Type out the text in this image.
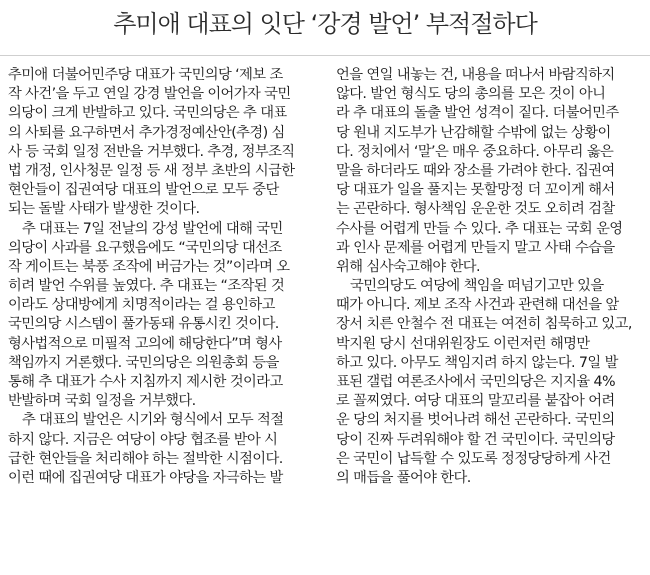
추미애 대표의 잇단 ‘강경 발언’ 부적절하다
추미애 더불어민주당 대표가 국민의당 ‘제보 조
작 사건’을 두고 연일 강경 발언을 이어가자 국민
의당이 크게 반발하고 있다. 국민의당은 추 대표
의 사퇴를 요구하면서 추가경정예산안(추경) 심
사 등 국회 일정 전반을 거부했다. 추경, 정부조직
법 개정, 인사청문 일정 등 새 정부 초반의 시급한
현안들이 집권여당 대표의 발언으로 모두 중단
되는 돌발 사태가 발생한 것이다.
추 대표는 7일 전날의 강성 발언에 대해 국민
의당이 사과를 요구했음에도 “국민의당 대선조
작 게이트는 북풍 조작에 버금가는 것”이라며 오
히려 발언 수위를 높였다. 추 대표는 “조작된 것
이라도 상대방에게 치명적이라는 걸 용인하고
국민의당 시스템이 풀가동돼 유통시킨 것이다.
형사법적으로 미필적 고의에 해당한다”며 형사
책임까지 거론했다. 국민의당은 의원총회 등을
통해 추 대표가 수사 지침까지 제시한 것이라고
반발하며 국회 일정을 거부했다.
추 대표의 발언은 시기와 형식에서 모두 적절
하지 않다. 지금은 여당이 야당 협조를 받아 시
급한 현안들을 처리해야 하는 절박한 시점이다.
이런 때에 집권여당 대표가 야당을 자극하는 발
언을 연일 내놓는 건, 내용을 떠나서 바람직하지
않다. 발언 형식도 당의 총의를 모은 것이 아니
라 추 대표의 돌출 발언 성격이 짙다. 더불어민주
당 원내 지도부가 난감해할 수밖에 없는 상황이
다. 정치에서 ‘말’은 매우 중요하다. 아무리 옳은
말을 하더라도 때와 장소를 가려야 한다. 집권여
당 대표가 일을 풀지는 못할망정 더 꼬이게 해서
는 곤란하다. 형사책임 운운한 것도 오히려 검찰
수사를 어렵게 만들 수 있다. 추 대표는 국회 운영
과 인사 문제를 어렵게 만들지 말고 사태 수습을
위해 심사숙고해야 한다.
국민의당도 여당에 책임을 떠넘기고만 있을
때가 아니다. 제보 조작 사건과 관련해 대선을 앞
장서 치른 안철수 전 대표는 여전히 침묵하고 있고,
박지원 당시 선대위원장도 이런저런 해명만
하고 있다. 아무도 책임지려 하지 않는다. 7일 발
표된 갤럽 여론조사에서 국민의당은 지지율 4%
로 꼴찌였다. 여당 대표의 말꼬리를 붙잡아 어려
운 당의 처지를 벗어나려 해선 곤란하다. 국민의
당이 진짜 두려워해야 할 건 국민이다. 국민의당
은 국민이 납득할 수 있도록 정정당당하게 사건
의 매듭을 풀어야 한다.
